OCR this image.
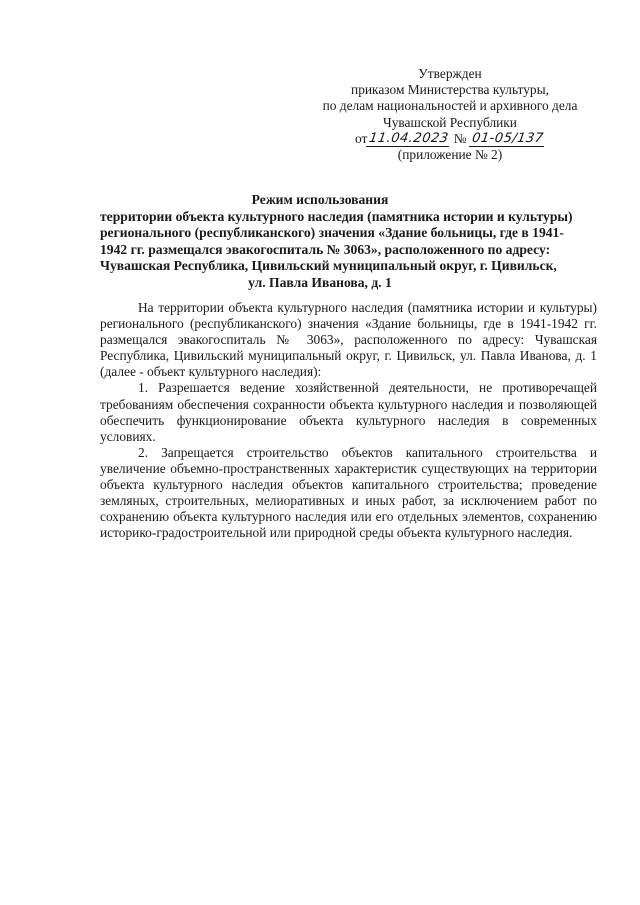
Утвержден
приказом Министерства культуры,
по делам национальностей и архивного дела
Чувашской Республики
от 11.04.2023 № 01-05/137
(приложение № 2)
Режим использования
территории объекта культурного наследия (памятника истории и культуры)
регионального (республиканского) значения «Здание больницы, где в 1941-
1942 гг. размещался эвакогоспиталь № 3063», расположенного по адресу:
Чувашская Республика, Цивильский муниципальный округ, г. Цивильск,
ул. Павла Иванова, д. 1

На территории объекта культурного наследия (памятника истории и культуры) регионального (республиканского) значения «Здание больницы, где в 1941-1942 гг. размещался эвакогоспиталь № 3063», расположенного по адресу: Чувашская Республика, Цивильский муниципальный округ, г. Цивильск, ул. Павла Иванова, д. 1 (далее - объект культурного наследия):

1. Разрешается ведение хозяйственной деятельности, не противоречащей требованиям обеспечения сохранности объекта культурного наследия и позволяющей обеспечить функционирование объекта культурного наследия в современных условиях.

2. Запрещается строительство объектов капитального строительства и увеличение объемно-пространственных характеристик существующих на территории объекта культурного наследия объектов капитального строительства; проведение земляных, строительных, мелиоративных и иных работ, за исключением работ по сохранению объекта культурного наследия или его отдельных элементов, сохранению историко-градостроительной или природной среды объекта культурного наследия.
